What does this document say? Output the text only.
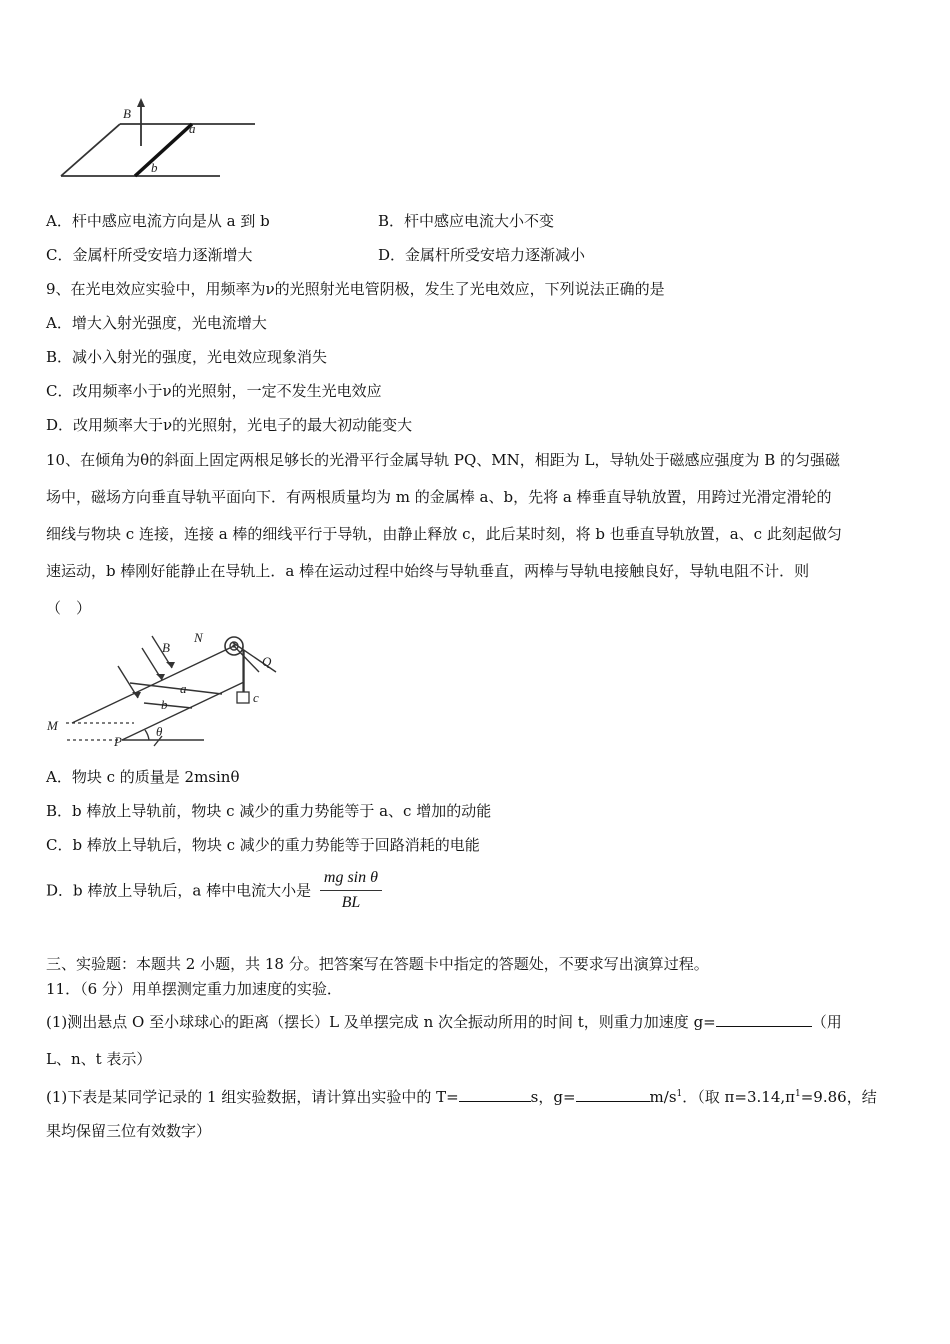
B
a
b
A．杆中感应电流方向是从 a 到 b	B．杆中感应电流大小不变
C．金属杆所受安培力逐渐增大	D．金属杆所受安培力逐渐减小
9、在光电效应实验中，用频率为ν的光照射光电管阴极，发生了光电效应，下列说法正确的是
A．增大入射光强度，光电流增大
B．减小入射光的强度，光电效应现象消失
C．改用频率小于ν的光照射，一定不发生光电效应
D．改用频率大于ν的光照射，光电子的最大初动能变大
10、在倾角为θ的斜面上固定两根足够长的光滑平行金属导轨 PQ、MN，相距为 L，导轨处于磁感应强度为 B 的匀强磁
场中，磁场方向垂直导轨平面向下．有两根质量均为 m 的金属棒 a、b，先将 a 棒垂直导轨放置，用跨过光滑定滑轮的
细线与物块 c 连接，连接 a 棒的细线平行于导轨，由静止释放 c，此后某时刻，将 b 也垂直导轨放置，a、c 此刻起做匀
速运动，b 棒刚好能静止在导轨上．a 棒在运动过程中始终与导轨垂直，两棒与导轨电接触良好，导轨电阻不计．则
（　）
B
N
Q
c
a
b
M
P
θ
A．物块 c 的质量是 2msinθ
B．b 棒放上导轨前，物块 c 减少的重力势能等于 a、c 增加的动能
C．b 棒放上导轨后，物块 c 减少的重力势能等于回路消耗的电能
D．b 棒放上导轨后，a 棒中电流大小是 $\frac{\text{mg sin θ}}{BL}$
三、实验题：本题共 2 小题，共 18 分。把答案写在答题卡中指定的答题处，不要求写出演算过程。
11．（6 分）用单摆测定重力加速度的实验．
(1)测出悬点 O 至小球球心的距离（摆长）L 及单摆完成 n 次全振动所用的时间 t，则重力加速度 g=	（用
L、n、t 表示）
(1)下表是某同学记录的 1 组实验数据，请计算出实验中的 T=	s，g=	$m/s^1$．（取 $\pi=3.14,\pi^1=9.86$，结
果均保留三位有效数字）
